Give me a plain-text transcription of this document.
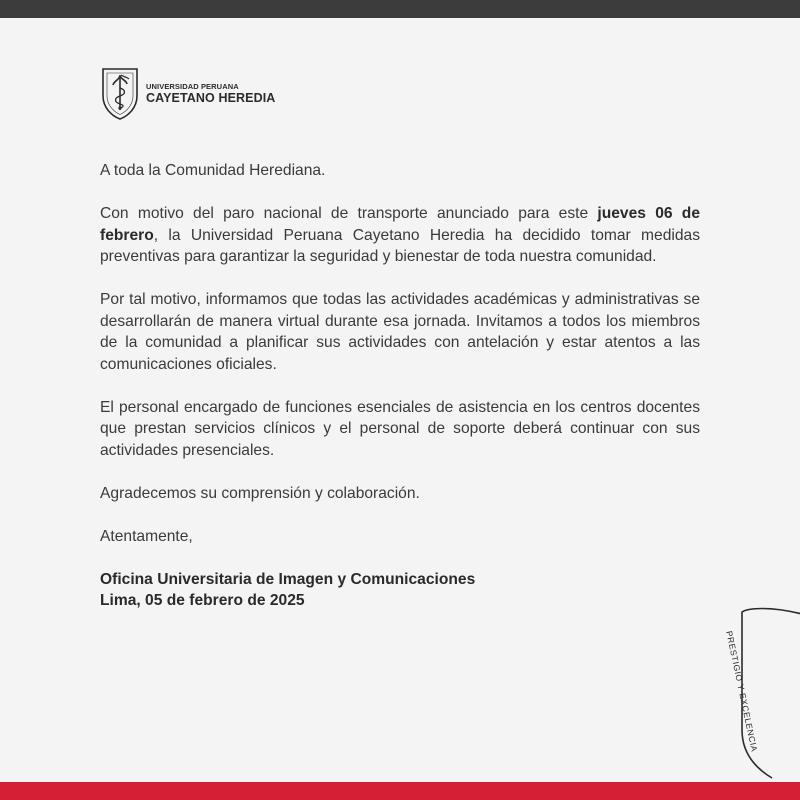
UNIVERSIDAD PERUANA
CAYETANO HEREDIA

A toda la Comunidad Herediana.

Con motivo del paro nacional de transporte anunciado para este jueves 06 de febrero, la Universidad Peruana Cayetano Heredia ha decidido tomar medidas preventivas para garantizar la seguridad y bienestar de toda nuestra comunidad.

Por tal motivo, informamos que todas las actividades académicas y administrativas se desarrollarán de manera virtual durante esa jornada. Invitamos a todos los miembros de la comunidad a planificar sus actividades con antelación y estar atentos a las comunicaciones oficiales.

El personal encargado de funciones esenciales de asistencia en los centros docentes que prestan servicios clínicos y el personal de soporte deberá continuar con sus actividades presenciales.

Agradecemos su comprensión y colaboración.

Atentamente,

Oficina Universitaria de Imagen y Comunicaciones
Lima, 05 de febrero de 2025
PRESTIGIO Y EXCELENCIA
